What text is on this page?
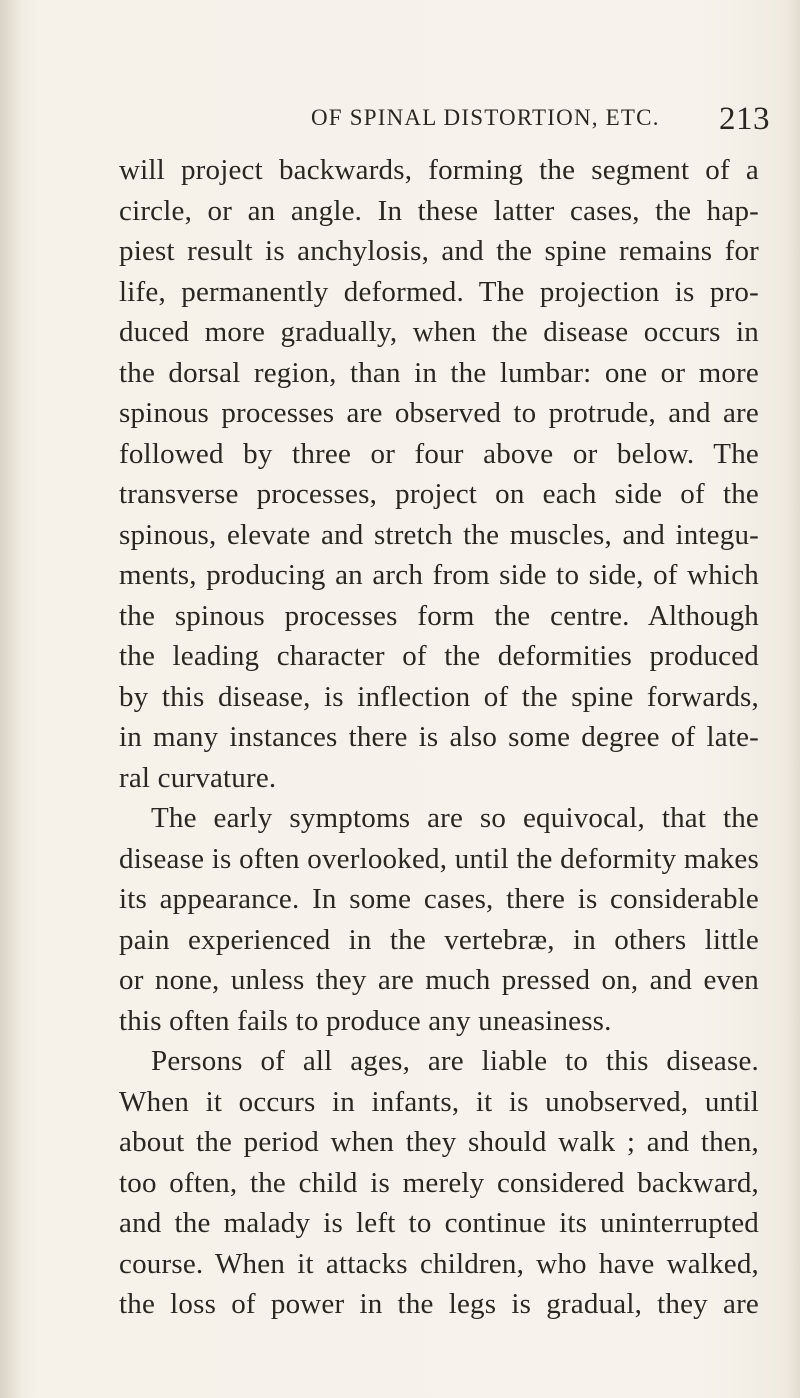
OF SPINAL DISTORTION, ETC. 213
will project backwards, forming the segment of a
circle, or an angle. In these latter cases, the hap-
piest result is anchylosis, and the spine remains for
life, permanently deformed. The projection is pro-
duced more gradually, when the disease occurs in
the dorsal region, than in the lumbar: one or more
spinous processes are observed to protrude, and are
followed by three or four above or below. The
transverse processes, project on each side of the
spinous, elevate and stretch the muscles, and integu-
ments, producing an arch from side to side, of which
the spinous processes form the centre. Although
the leading character of the deformities produced
by this disease, is inflection of the spine forwards,
in many instances there is also some degree of late-
ral curvature.
The early symptoms are so equivocal, that the
disease is often overlooked, until the deformity makes
its appearance. In some cases, there is considerable
pain experienced in the vertebræ, in others little
or none, unless they are much pressed on, and even
this often fails to produce any uneasiness.
Persons of all ages, are liable to this disease.
When it occurs in infants, it is unobserved, until
about the period when they should walk ; and then,
too often, the child is merely considered backward,
and the malady is left to continue its uninterrupted
course. When it attacks children, who have walked,
the loss of power in the legs is gradual, they are
